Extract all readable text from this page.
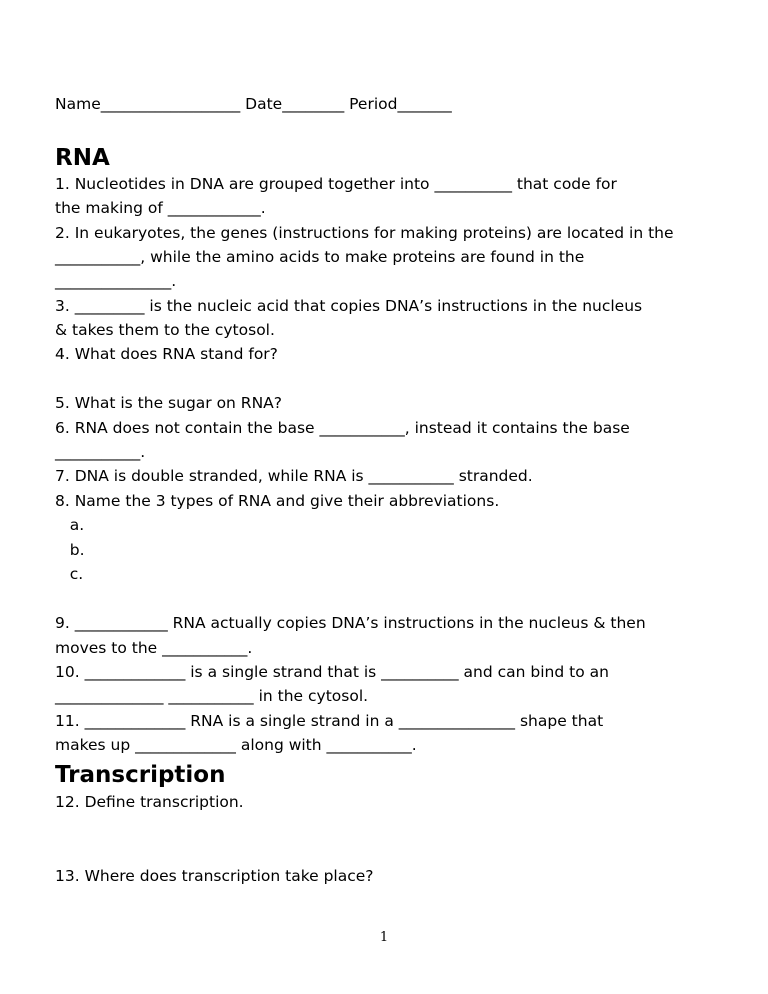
Name__________________ Date________ Period_______
RNA
1. Nucleotides in DNA are grouped together into __________ that code for
the making of ____________.
2. In eukaryotes, the genes (instructions for making proteins) are located in the
___________, while the amino acids to make proteins are found in the
_______________.
3. _________ is the nucleic acid that copies DNA’s instructions in the nucleus
& takes them to the cytosol.
4. What does RNA stand for?
5. What is the sugar on RNA?
6. RNA does not contain the base ___________, instead it contains the base
___________.
7. DNA is double stranded, while RNA is ___________ stranded.
8. Name the 3 types of RNA and give their abbreviations.
a.
b.
c.
9. ____________ RNA actually copies DNA’s instructions in the nucleus & then
moves to the ___________.
10. _____________ is a single strand that is __________ and can bind to an
______________ ___________ in the cytosol.
11. _____________ RNA is a single strand in a _______________ shape that
makes up _____________ along with ___________.
Transcription
12. Define transcription.
13. Where does transcription take place?
1
